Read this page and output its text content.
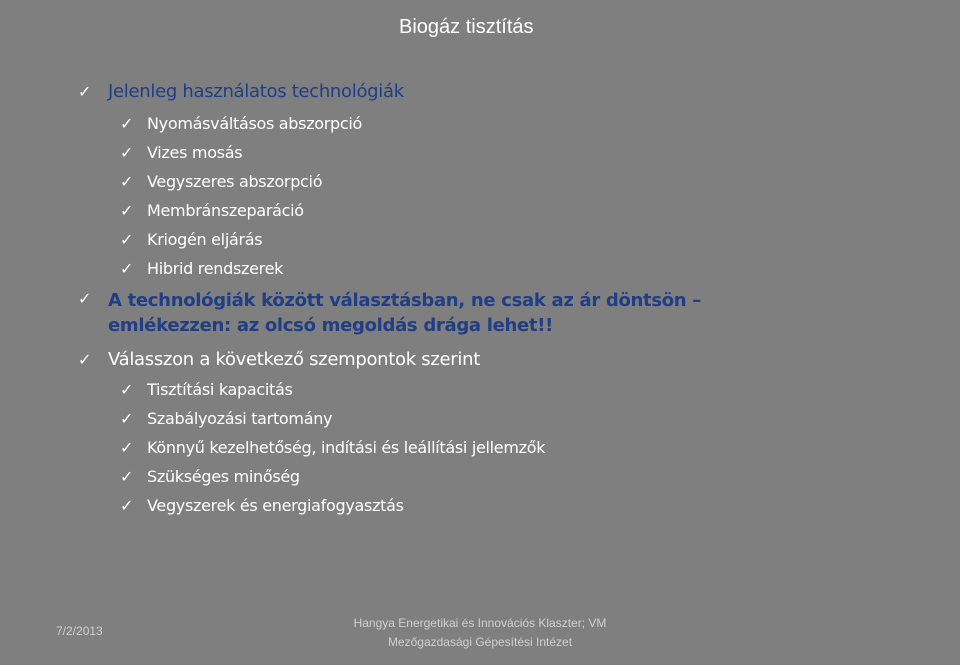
Biogáz tisztítás
✓ Jelenleg használatos technológiák
✓ Nyomásváltásos abszorpció
✓ Vizes mosás
✓ Vegyszeres abszorpció
✓ Membránszeparáció
✓ Kriogén eljárás
✓ Hibrid rendszerek
✓ A technológiák között választásban, ne csak az ár döntsön – emlékezzen: az olcsó megoldás drága lehet!!
✓ Válasszon a következő szempontok szerint
✓ Tisztítási kapacitás
✓ Szabályozási tartomány
✓ Könnyű kezelhetőség, indítási és leállítási jellemzők
✓ Szükséges minőség
✓ Vegyszerek és energiafogyasztás
7/2/2013
Hangya Energetikai és Innovációs Klaszter; VM
Mezőgazdasági Gépesítési Intézet
